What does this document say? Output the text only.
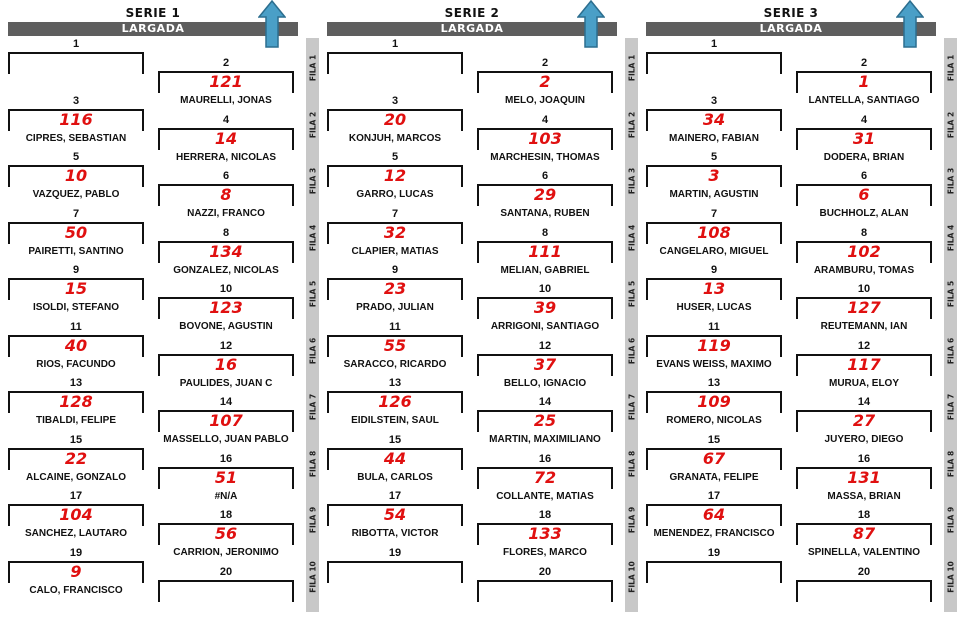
SERIE 1
LARGADA
FILA 1
FILA 2
FILA 3
FILA 4
FILA 5
FILA 6
FILA 7
FILA 8
FILA 9
FILA 10
1
2
121
MAURELLI, JONAS
3
116
CIPRES, SEBASTIAN
4
14
HERRERA, NICOLAS
5
10
VAZQUEZ, PABLO
6
8
NAZZI, FRANCO
7
50
PAIRETTI, SANTINO
8
134
GONZALEZ, NICOLAS
9
15
ISOLDI, STEFANO
10
123
BOVONE, AGUSTIN
11
40
RIOS, FACUNDO
12
16
PAULIDES, JUAN C
13
128
TIBALDI, FELIPE
14
107
MASSELLO, JUAN PABLO
15
22
ALCAINE, GONZALO
16
51
#N/A
17
104
SANCHEZ, LAUTARO
18
56
CARRION, JERONIMO
19
9
CALO, FRANCISCO
20
SERIE 2
LARGADA
FILA 1
FILA 2
FILA 3
FILA 4
FILA 5
FILA 6
FILA 7
FILA 8
FILA 9
FILA 10
1
2
2
MELO, JOAQUIN
3
20
KONJUH, MARCOS
4
103
MARCHESIN, THOMAS
5
12
GARRO, LUCAS
6
29
SANTANA, RUBEN
7
32
CLAPIER, MATIAS
8
111
MELIAN, GABRIEL
9
23
PRADO, JULIAN
10
39
ARRIGONI, SANTIAGO
11
55
SARACCO, RICARDO
12
37
BELLO, IGNACIO
13
126
EIDILSTEIN, SAUL
14
25
MARTIN, MAXIMILIANO
15
44
BULA, CARLOS
16
72
COLLANTE, MATIAS
17
54
RIBOTTA, VICTOR
18
133
FLORES, MARCO
19
20
SERIE 3
LARGADA
FILA 1
FILA 2
FILA 3
FILA 4
FILA 5
FILA 6
FILA 7
FILA 8
FILA 9
FILA 10
1
2
1
LANTELLA, SANTIAGO
3
34
MAINERO, FABIAN
4
31
DODERA, BRIAN
5
3
MARTIN, AGUSTIN
6
6
BUCHHOLZ, ALAN
7
108
CANGELARO, MIGUEL
8
102
ARAMBURU, TOMAS
9
13
HUSER, LUCAS
10
127
REUTEMANN, IAN
11
119
EVANS WEISS, MAXIMO
12
117
MURUA, ELOY
13
109
ROMERO, NICOLAS
14
27
JUYERO, DIEGO
15
67
GRANATA, FELIPE
16
131
MASSA, BRIAN
17
64
MENENDEZ, FRANCISCO
18
87
SPINELLA, VALENTINO
19
20
